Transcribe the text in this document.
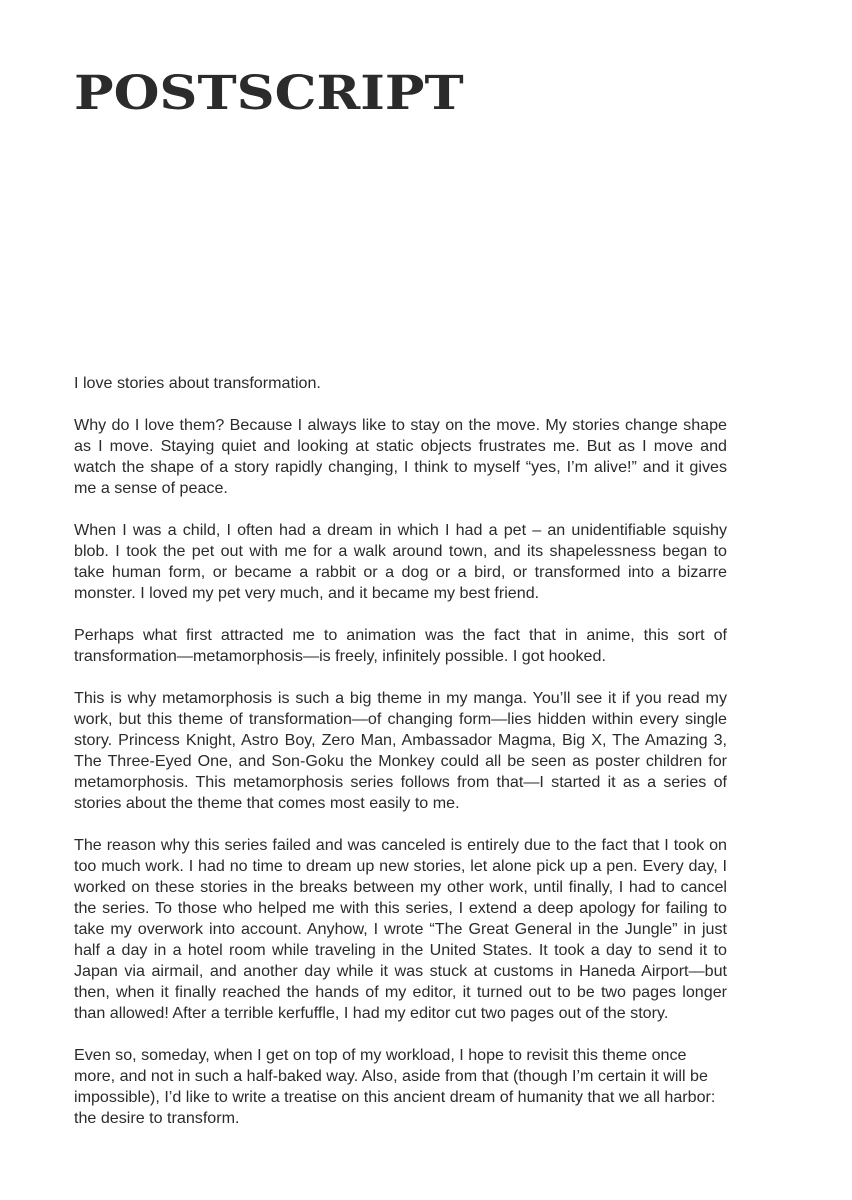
POSTSCRIPT

I love stories about transformation.

Why do I love them? Because I always like to stay on the move. My stories change shape as I move. Staying quiet and looking at static objects frustrates me. But as I move and watch the shape of a story rapidly changing, I think to myself “yes, I’m alive!” and it gives me a sense of peace.

When I was a child, I often had a dream in which I had a pet – an unidentifiable squishy blob. I took the pet out with me for a walk around town, and its shapelessness began to take human form, or became a rabbit or a dog or a bird, or transformed into a bizarre monster. I loved my pet very much, and it became my best friend.

Perhaps what first attracted me to animation was the fact that in anime, this sort of transformation—metamorphosis—is freely, infinitely possible. I got hooked.

This is why metamorphosis is such a big theme in my manga. You’ll see it if you read my work, but this theme of transformation—of changing form—lies hidden within every single story. Princess Knight, Astro Boy, Zero Man, Ambassador Magma, Big X, The Amazing 3, The Three-Eyed One, and Son-Goku the Monkey could all be seen as poster children for metamorphosis. This metamorphosis series follows from that—I started it as a series of stories about the theme that comes most easily to me.

The reason why this series failed and was canceled is entirely due to the fact that I took on too much work. I had no time to dream up new stories, let alone pick up a pen. Every day, I worked on these stories in the breaks between my other work, until finally, I had to cancel the series. To those who helped me with this series, I extend a deep apology for failing to take my overwork into account. Anyhow, I wrote “The Great General in the Jungle” in just half a day in a hotel room while traveling in the United States. It took a day to send it to Japan via airmail, and another day while it was stuck at customs in Haneda Airport—but then, when it finally reached the hands of my editor, it turned out to be two pages longer than allowed! After a terrible kerfuffle, I had my editor cut two pages out of the story.

Even so, someday, when I get on top of my workload, I hope to revisit this theme once more, and not in such a half-baked way. Also, aside from that (though I’m certain it will be impossible), I’d like to write a treatise on this ancient dream of humanity that we all harbor: the desire to transform.
